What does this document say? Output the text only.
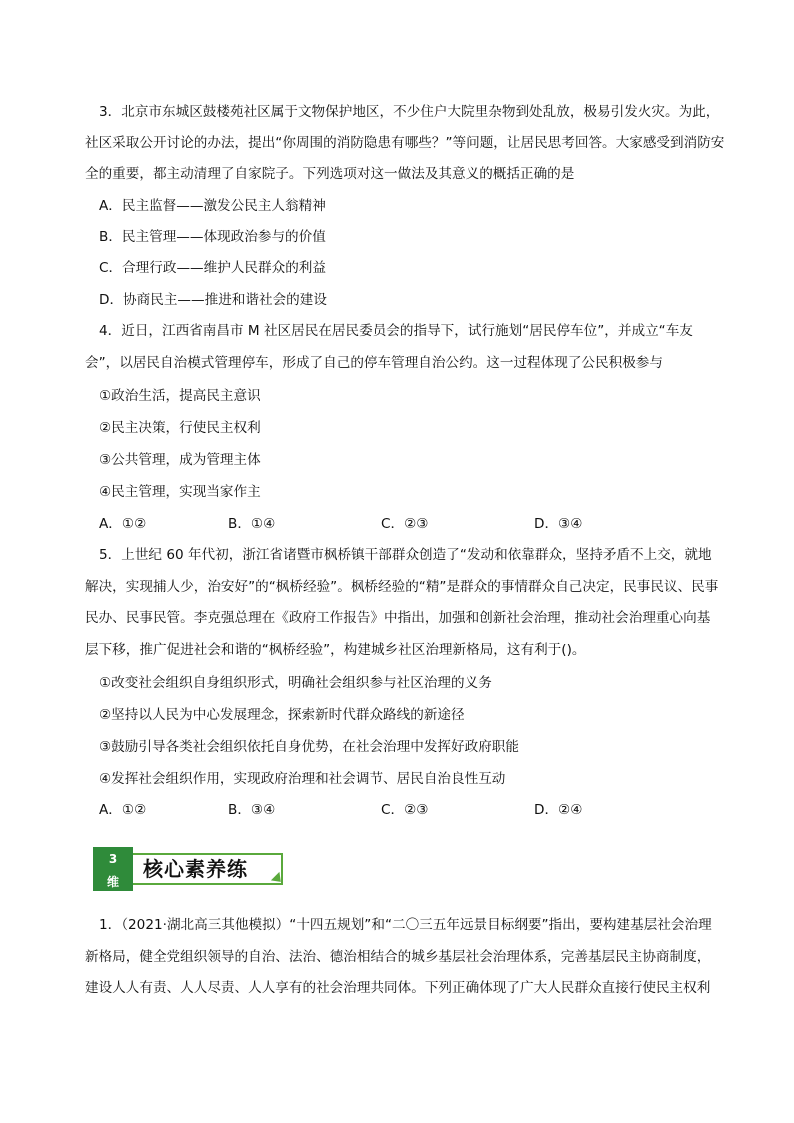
3．北京市东城区鼓楼苑社区属于文物保护地区，不少住户大院里杂物到处乱放，极易引发火灾。为此，
社区采取公开讨论的办法，提出“你周围的消防隐患有哪些？”等问题，让居民思考回答。大家感受到消防安
全的重要，都主动清理了自家院子。下列选项对这一做法及其意义的概括正确的是
A．民主监督——激发公民主人翁精神
B．民主管理——体现政治参与的价值
C．合理行政——维护人民群众的利益
D．协商民主——推进和谐社会的建设
4．近日，江西省南昌市 M 社区居民在居民委员会的指导下，试行施划“居民停车位”，并成立“车友
会”，以居民自治模式管理停车，形成了自己的停车管理自治公约。这一过程体现了公民积极参与
①政治生活，提高民主意识
②民主决策，行使民主权利
③公共管理，成为管理主体
④民主管理，实现当家作主
A．①②	B．①④	C．②③	D．③④
5．上世纪 60 年代初，浙江省诸暨市枫桥镇干部群众创造了“发动和依靠群众，坚持矛盾不上交，就地
解决，实现捕人少，治安好”的“枫桥经验”。枫桥经验的“精”是群众的事情群众自己决定，民事民议、民事
民办、民事民管。李克强总理在《政府工作报告》中指出，加强和创新社会治理，推动社会治理重心向基
层下移，推广促进社会和谐的“枫桥经验”，构建城乡社区治理新格局，这有利于()。
①改变社会组织自身组织形式，明确社会组织参与社区治理的义务
②坚持以人民为中心发展理念，探索新时代群众路线的新途径
③鼓励引导各类社会组织依托自身优势，在社会治理中发挥好政府职能
④发挥社会组织作用，实现政府治理和社会调节、居民自治良性互动
A．①②	B．③④	C．②③	D．②④
3
维
核心素养练
1．（2021·湖北高三其他模拟）“十四五规划”和“二〇三五年远景目标纲要”指出，要构建基层社会治理
新格局，健全党组织领导的自治、法治、德治相结合的城乡基层社会治理体系，完善基层民主协商制度，
建设人人有责、人人尽责、人人享有的社会治理共同体。下列正确体现了广大人民群众直接行使民主权利
